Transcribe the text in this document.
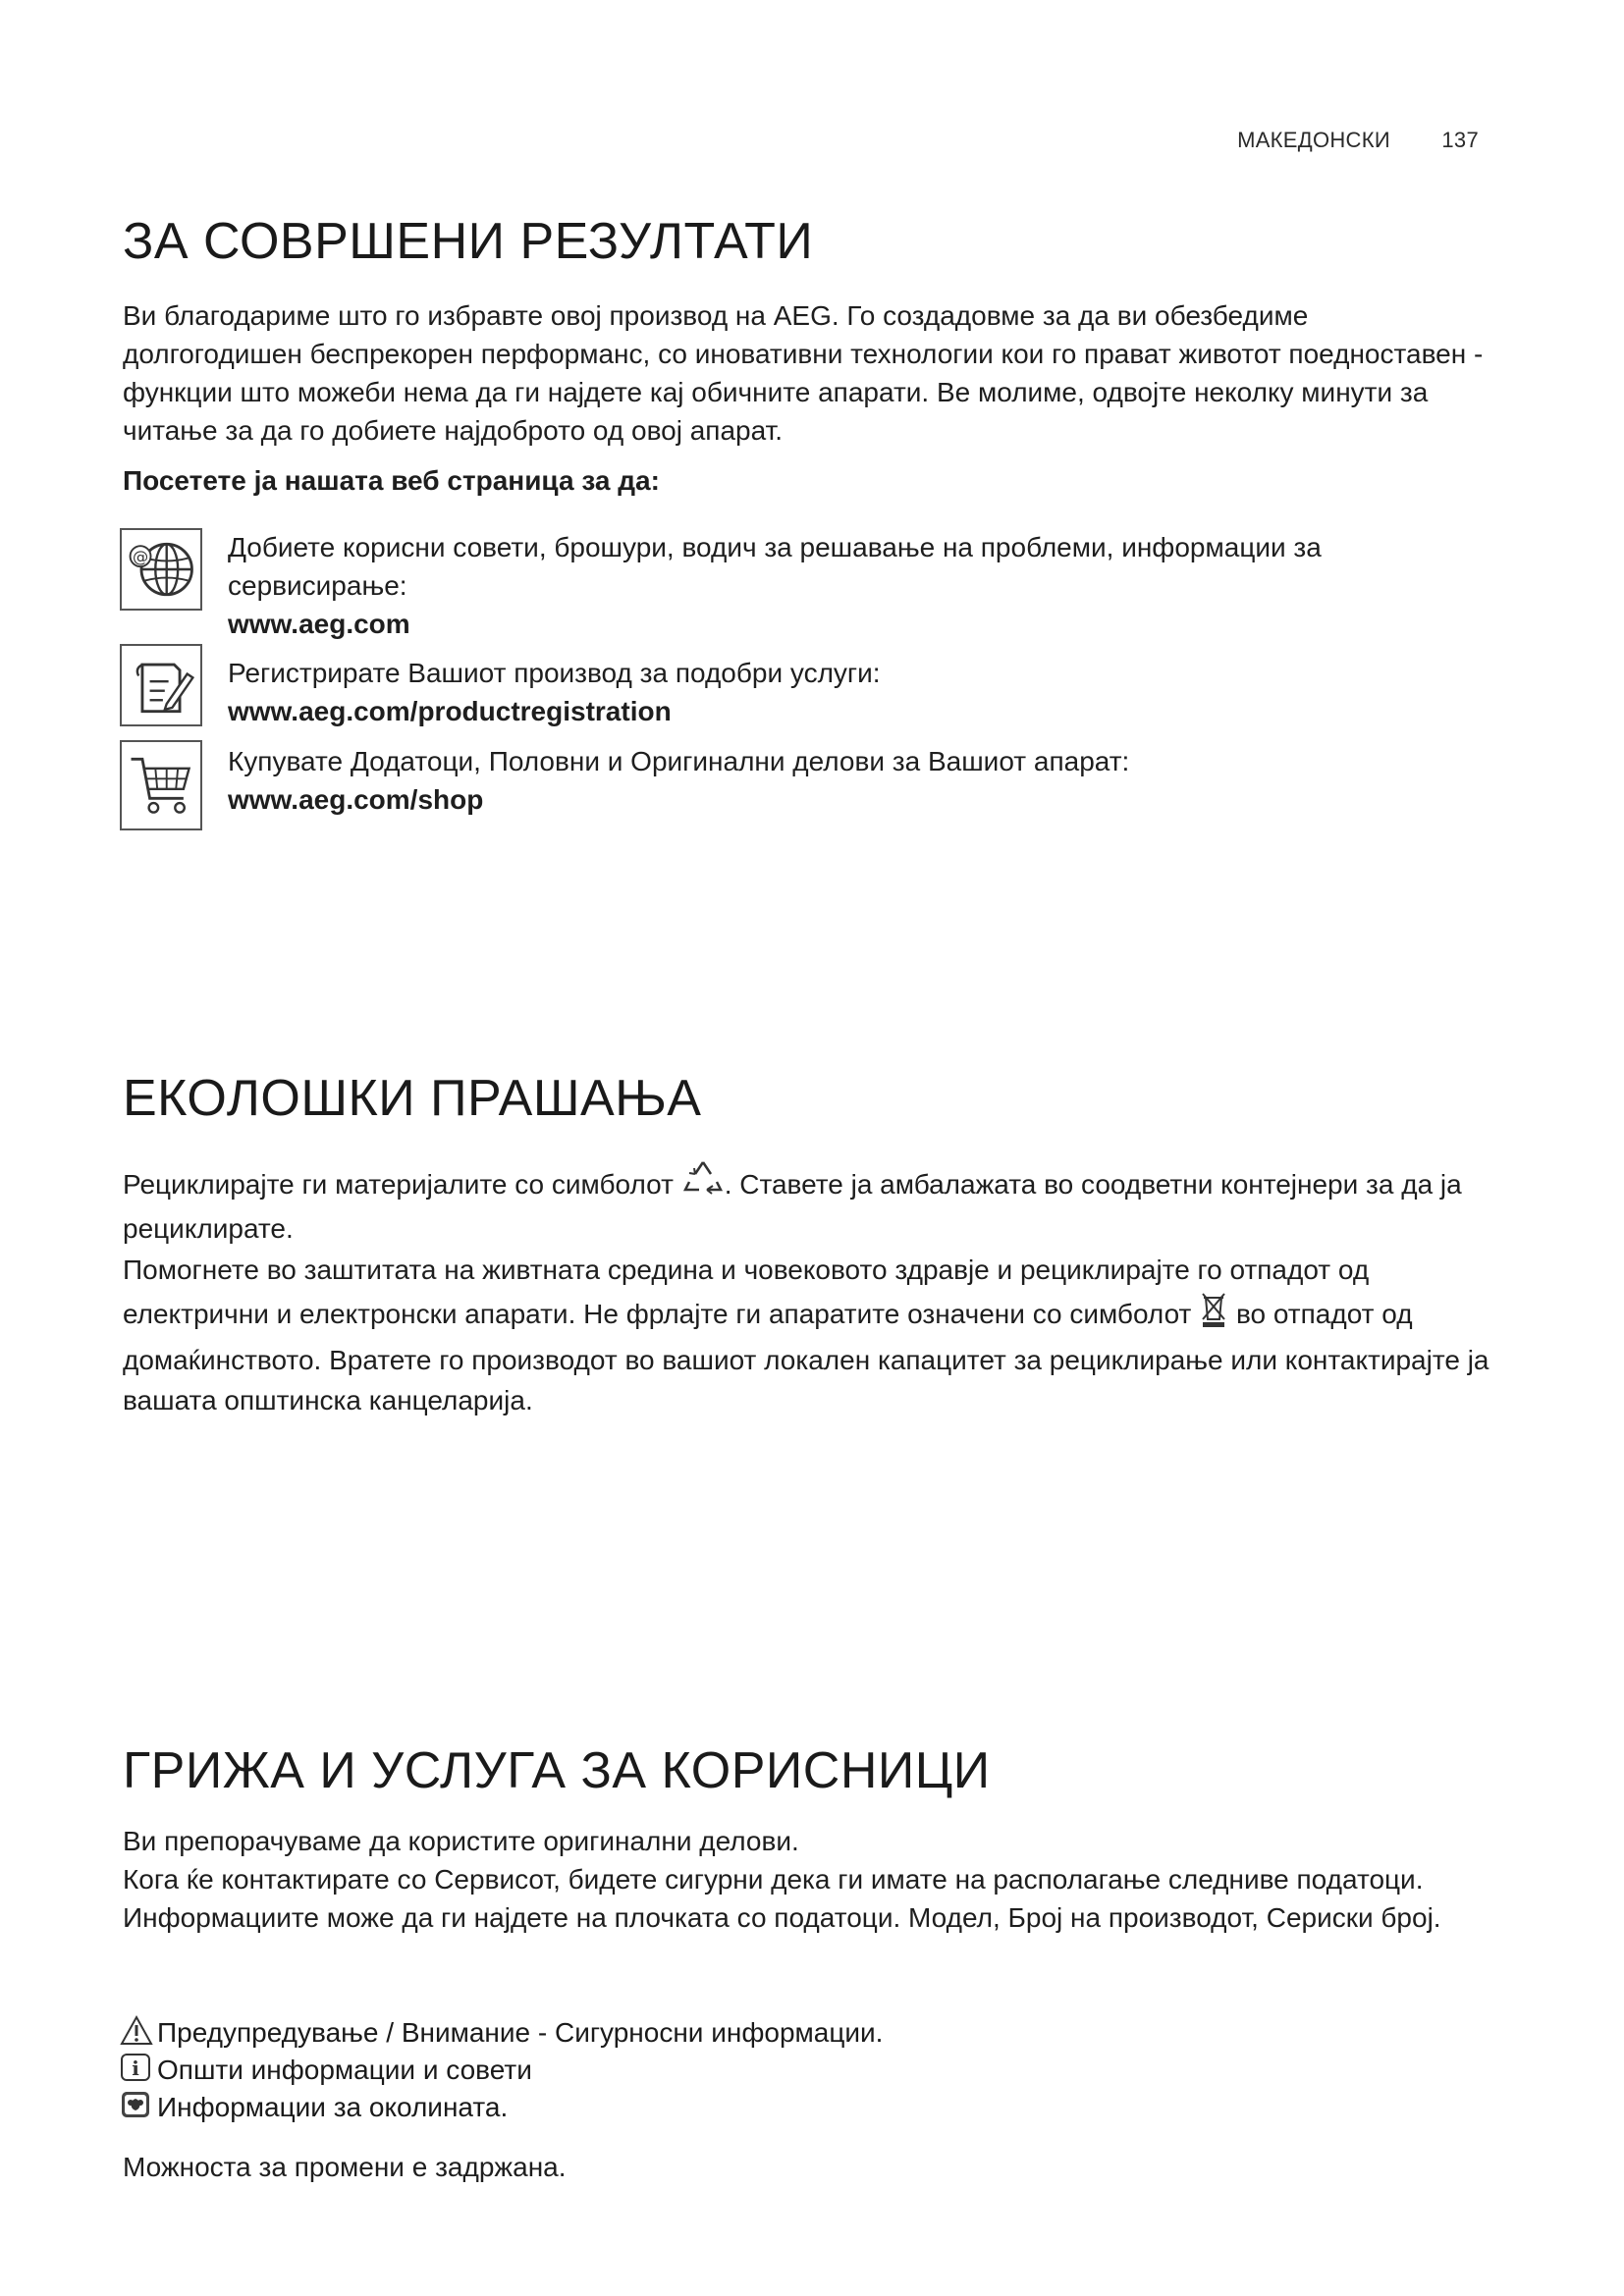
МАКЕДОНСКИ 137
ЗА СОВРШЕНИ РЕЗУЛТАТИ

Ви благодариме што го избравте овој производ на AEG. Го создадовме за да ви обезбедиме долгогодишен беспрекорен перформанс, со иновативни технологии кои го прават животот поедноставен - функции што можеби нема да ги најдете кај обичните апарати. Ве молиме, одвојте неколку минути за читање за да го добиете најдоброто од овој апарат.

Посетете ја нашата веб страница за да:

@	Добиете корисни совети, брошури, водич за решавање на проблеми, информации за сервисирање:

www.aeg.com

Регистрирате Вашиот производ за подобри услуги:

www.aeg.com/productregistration

Купувате Додатоци, Половни и Оригинални делови за Вашиот апарат:

www.aeg.com/shop

ЕКОЛОШКИ ПРАШАЊА

Рециклирајте ги материјалите со симболот . Ставете ја амбалажата во соодветни контејнери за да ја рециклирате.

Помогнете во заштитата на живтната средина и човековото здравје и рециклирајте го отпадот од електрични и електронски апарати. Не фрлајте ги апаратите означени со симболот во отпадот од домаќинството. Вратете го производот во вашиот локален капацитет за рециклирање или контактирајте ја вашата општинска канцеларија.

ГРИЖА И УСЛУГА ЗА КОРИСНИЦИ

Ви препорачуваме да користите оригинални делови.

Кога ќе контактирате со Сервисот, бидете сигурни дека ги имате на располагање следниве податоци.

Информациите може да ги најдете на плочката со податоци. Модел, Број на производот, Сериски број.

Предупредување / Внимание - Сигурносни информации.
i Општи информации и совети
Информации за околината.

Можноста за промени е задржана.
